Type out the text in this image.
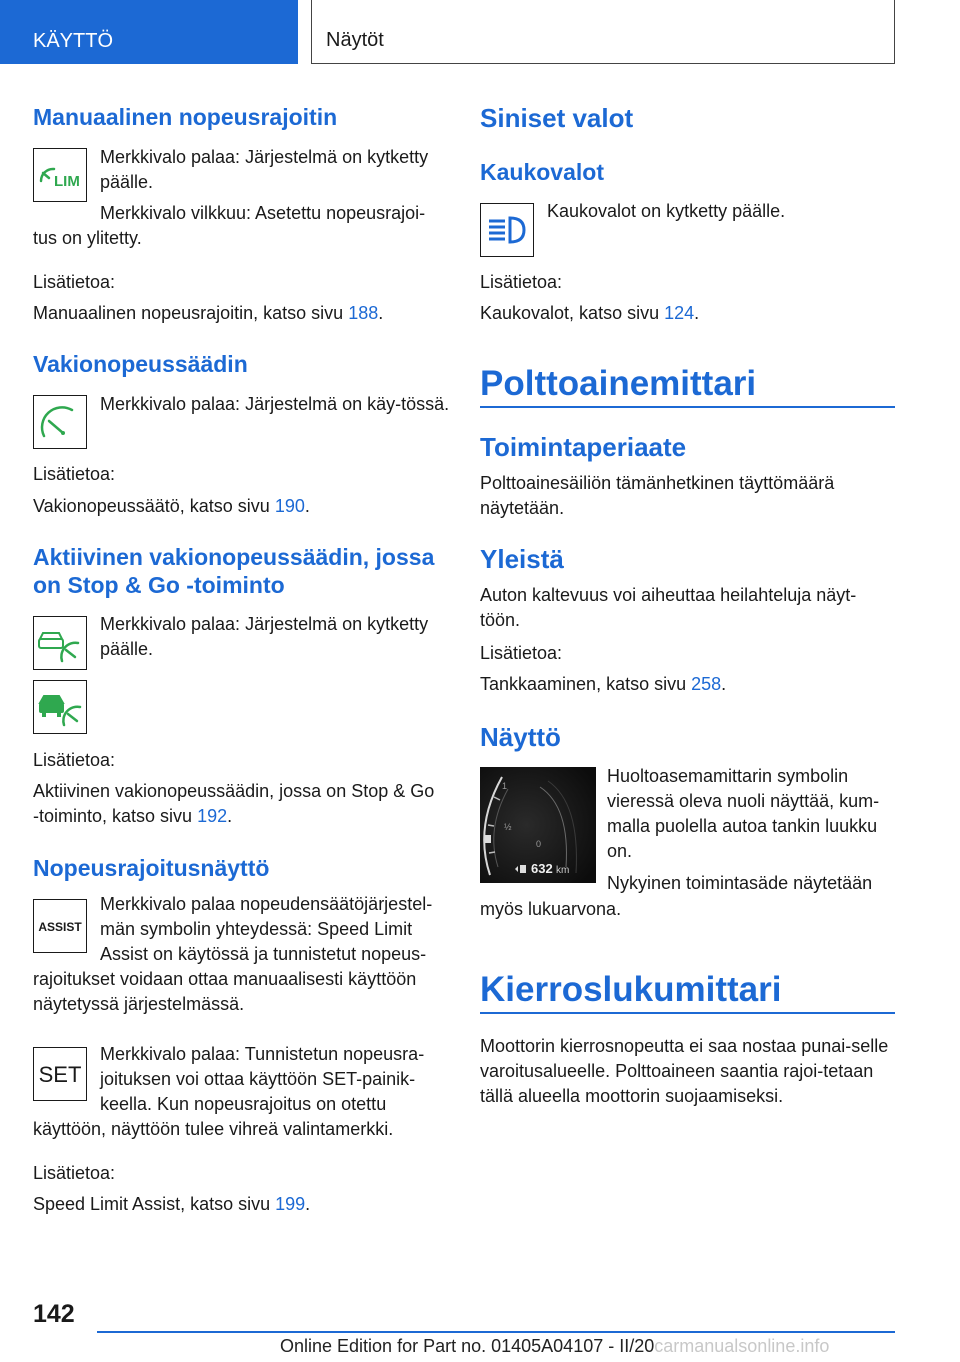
KÄYTTÖ	Näytöt
Manuaalinen nopeusrajoitin
LIM

Merkkivalo palaa: Järjestelmä on kytketty päälle.

Merkkivalo vilkkuu: Asetettu nopeusrajoi-

tus on ylitetty.

Lisätietoa:

Manuaalinen nopeusrajoitin, katso sivu 188.

Vakionopeussäädin

Merkkivalo palaa: Järjestelmä on käy-tössä.

Lisätietoa:

Vakionopeussäätö, katso sivu 190.

Aktiivinen vakionopeussäädin, jossa
on Stop & Go -toiminto

Merkkivalo palaa: Järjestelmä on kytketty päälle.

Lisätietoa:

Aktiivinen vakionopeussäädin, jossa on Stop & Go -toiminto, katso sivu 192.

Nopeusrajoitusnäyttö
ASSIST

Merkkivalo palaa nopeudensäätöjärjestel-män symbolin yhteydessä: Speed Limit Assist on käytössä ja tunnistetut nopeus-

rajoitukset voidaan ottaa manuaalisesti käyttöön näytetyssä järjestelmässä.

SET

Merkkivalo palaa: Tunnistetun nopeusra-joituksen voi ottaa käyttöön SET-painik-keella. Kun nopeusrajoitus on otettu

käyttöön, näyttöön tulee vihreä valintamerkki.

Lisätietoa:

Speed Limit Assist, katso sivu 199.

Siniset valot
Kaukovalot

Kaukovalot on kytketty päälle.

Lisätietoa:

Kaukovalot, katso sivu 124.

Polttoainemittari
Toimintaperiaate

Polttoainesäiliön tämänhetkinen täyttömäärä näytetään.

Yleistä

Auton kaltevuus voi aiheuttaa heilahteluja näyt-töön.

Lisätietoa:

Tankkaaminen, katso sivu 258.

Näyttö

Huoltoasemamittarin symbolin vieressä oleva nuoli näyttää, kum-malla puolella autoa tankin luukku on.

Nykyinen toimintasäde näytetään

myös lukuarvona.

Kierroslukumittari

Moottorin kierrosnopeutta ei saa nostaa punai-selle varoitusalueelle. Polttoaineen saantia rajoi-tetaan tällä alueella moottorin suojaamiseksi.

1
½
0
632 km
142
Online Edition for Part no. 01405A04107 - II/20carmanualsonline.info
